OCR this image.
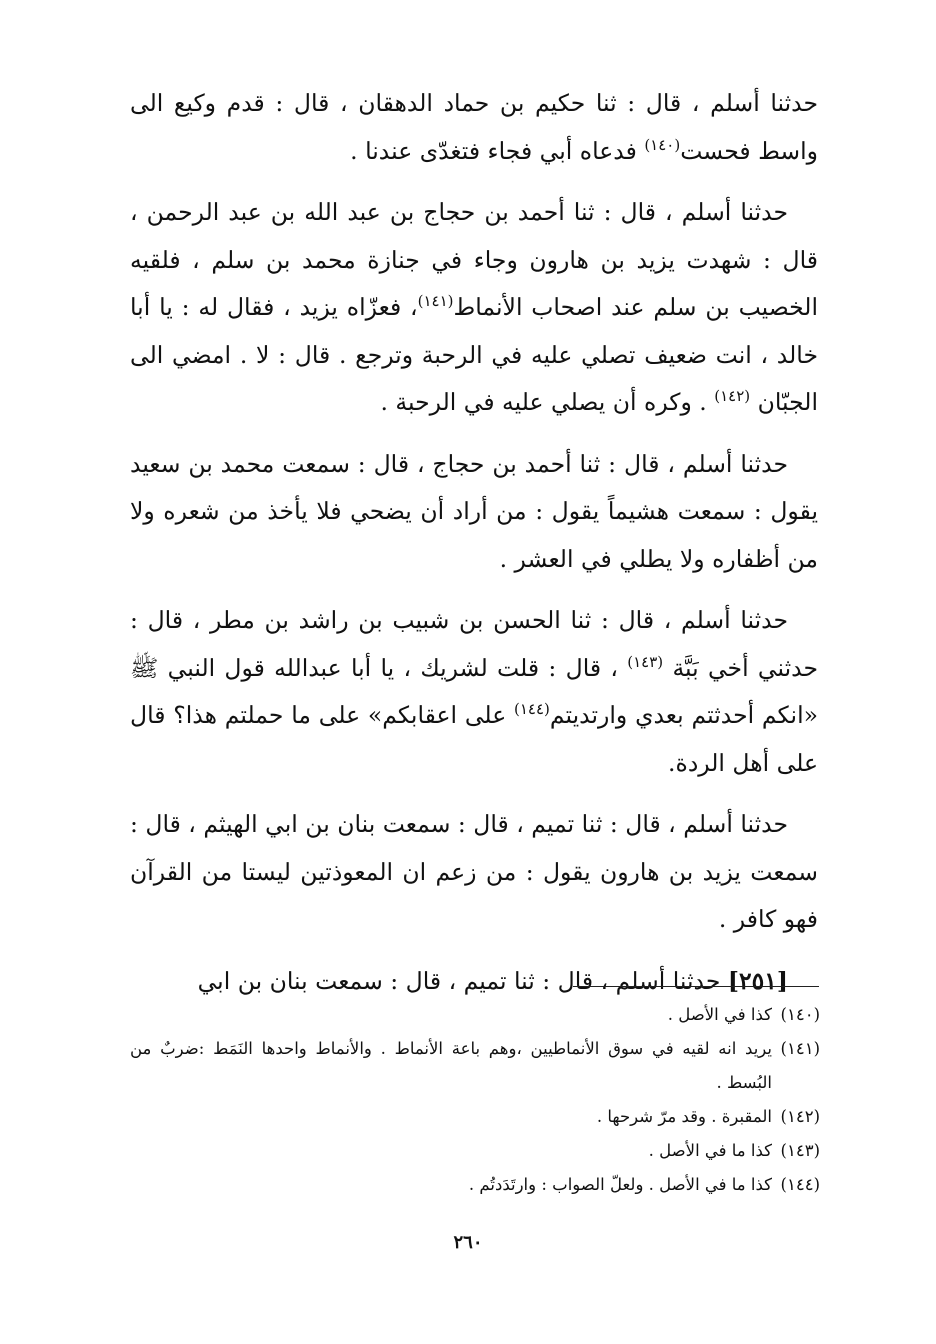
حدثنا أسلم ، قال : ثنا حكيم بن حماد الدهقان ، قال : قدم وكيع الى واسط فحست$^{(١٤٠)}$ فدعاه أبي فجاء فتغدّى عندنا .

حدثنا أسلم ، قال : ثنا أحمد بن حجاج بن عبد الله بن عبد الرحمن ، قال : شهدت يزيد بن هارون وجاء في جنازة محمد بن سلم ، فلقيه الخصيب بن سلم عند اصحاب الأنماط$^{(١٤١)}$، فعزّاه يزيد ، فقال له : يا أبا خالد ، انت ضعيف تصلي عليه في الرحبة وترجع . قال : لا . امضي الى الجبّان $^{(١٤٢)}$ . وكره أن يصلي عليه في الرحبة .

حدثنا أسلم ، قال : ثنا أحمد بن حجاج ، قال : سمعت محمد بن سعيد يقول : سمعت هشيماً يقول : من أراد أن يضحي فلا يأخذ من شعره ولا من أظفاره ولا يطلي في العشر .

حدثنا أسلم ، قال : ثنا الحسن بن شبيب بن راشد بن مطر ، قال : حدثني أخي بَبَّة $^{(١٤٣)}$ ، قال : قلت لشريك ، يا أبا عبدالله قول النبي ﷺ «انكم أحدثتم بعدي وارتديتم$^{(١٤٤)}$ على اعقابكم» على ما حملتم هذا؟ قال على أهل الردة.

حدثنا أسلم ، قال : ثنا تميم ، قال : سمعت بنان بن ابي الهيثم ، قال : سمعت يزيد بن هارون يقول : من زعم ان المعوذتين ليستا من القرآن فهو كافر .

[٢٥١] حدثنا أسلم ، قال : ثنا تميم ، قال : سمعت بنان بن ابي

(١٤٠)كذا في الأصل .

(١٤١)يريد انه لقيه في سوق الأنماطيين ،وهم باعة الأنماط . والأنماط واحدها النَمَط :ضربٌ من البُسط .

(١٤٢)المقبرة . وقد مرّ شرحها .

(١٤٣)كذا ما في الأصل .

(١٤٤)كذا ما في الأصل . ولعلّ الصواب : وارتَدَدتُم .

٢٦٠
